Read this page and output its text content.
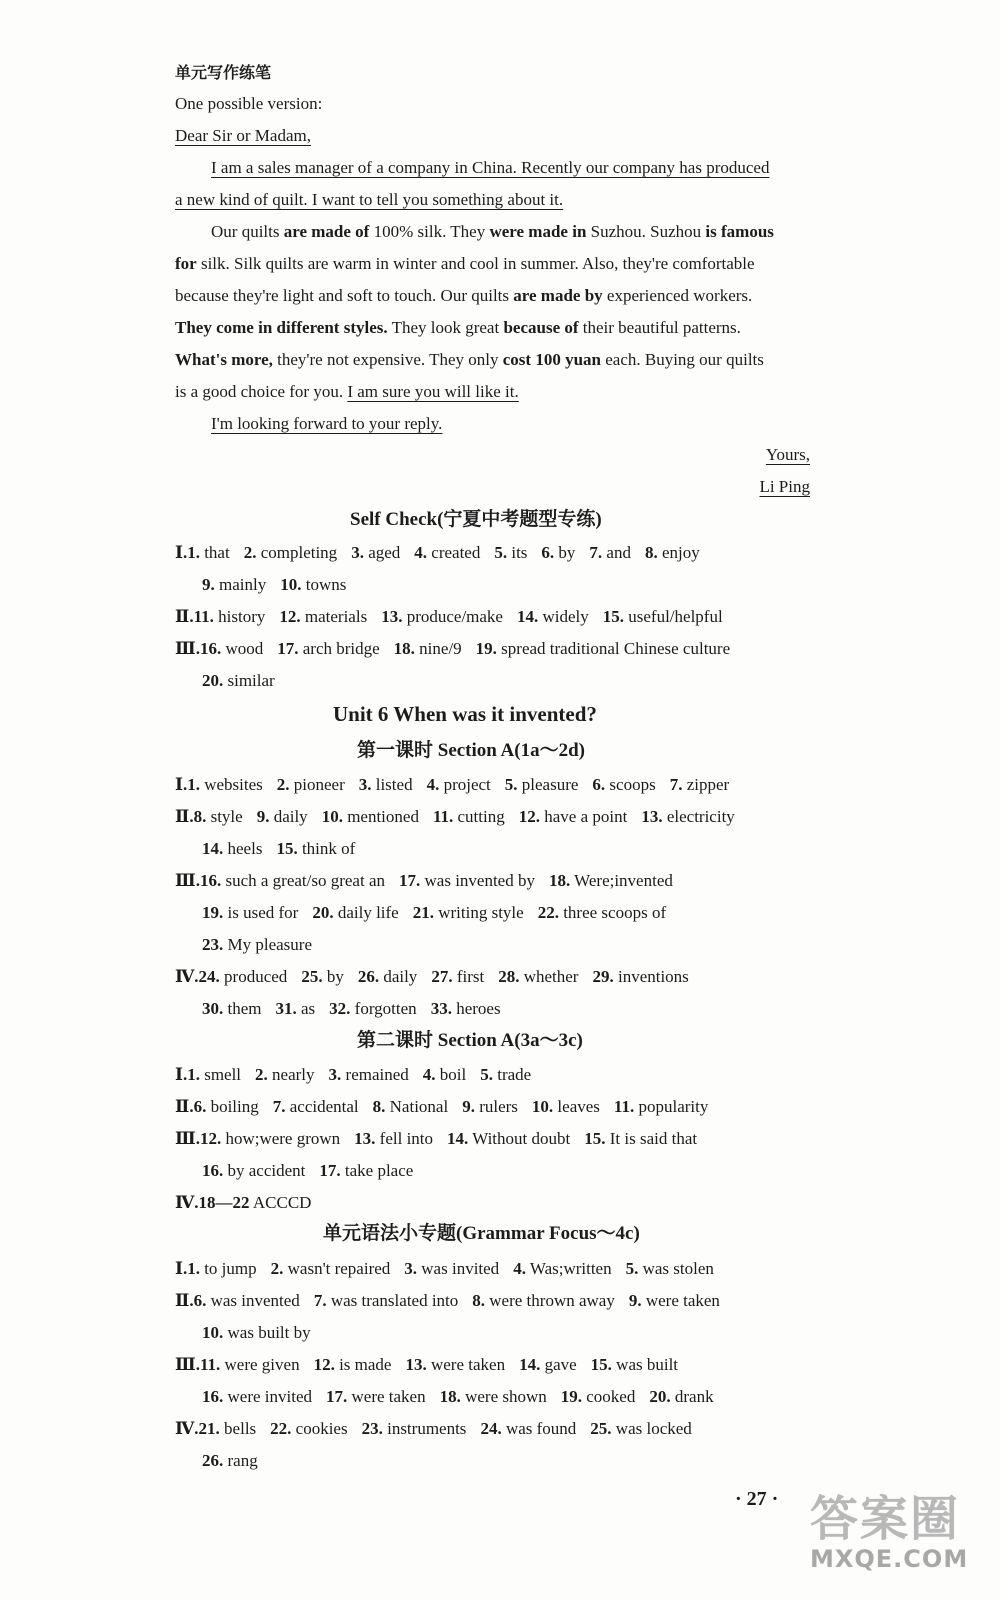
单元写作练笔
One possible version:
Dear Sir or Madam,
I am a sales manager of a company in China. Recently our company has produced
a new kind of quilt. I want to tell you something about it.
Our quilts are made of 100% silk. They were made in Suzhou. Suzhou is famous
for silk. Silk quilts are warm in winter and cool in summer. Also, they're comfortable
because they're light and soft to touch. Our quilts are made by experienced workers.
They come in different styles. They look great because of their beautiful patterns.
What's more, they're not expensive. They only cost 100 yuan each. Buying our quilts
is a good choice for you. I am sure you will like it.
I'm looking forward to your reply.
Yours,
Li Ping
Self Check(宁夏中考题型专练)
Unit 6 When was it invented?
第一课时 Section A(1a～2d)
第二课时 Section A(3a～3c)
单元语法小专题(Grammar Focus～4c)
Ⅰ.1. that 2. completing 3. aged 4. created 5. its 6. by 7. and 8. enjoy
9. mainly 10. towns
Ⅱ.11. history 12. materials 13. produce/make 14. widely 15. useful/helpful
Ⅲ.16. wood 17. arch bridge 18. nine/9 19. spread traditional Chinese culture
20. similar
Ⅰ.1. websites 2. pioneer 3. listed 4. project 5. pleasure 6. scoops 7. zipper
Ⅱ.8. style 9. daily 10. mentioned 11. cutting 12. have a point 13. electricity
14. heels 15. think of
Ⅲ.16. such a great/so great an 17. was invented by 18. Were;invented
19. is used for 20. daily life 21. writing style 22. three scoops of
23. My pleasure
Ⅳ.24. produced 25. by 26. daily 27. first 28. whether 29. inventions
30. them 31. as 32. forgotten 33. heroes
Ⅰ.1. smell 2. nearly 3. remained 4. boil 5. trade
Ⅱ.6. boiling 7. accidental 8. National 9. rulers 10. leaves 11. popularity
Ⅲ.12. how;were grown 13. fell into 14. Without doubt 15. It is said that
16. by accident 17. take place
Ⅳ.18—22 ACCCD
Ⅰ.1. to jump 2. wasn't repaired 3. was invited 4. Was;written 5. was stolen
Ⅱ.6. was invented 7. was translated into 8. were thrown away 9. were taken
10. was built by
Ⅲ.11. were given 12. is made 13. were taken 14. gave 15. was built
16. were invited 17. were taken 18. were shown 19. cooked 20. drank
Ⅳ.21. bells 22. cookies 23. instruments 24. was found 25. was locked
26. rang
· 27 · 答案圈
MXQE.COM
